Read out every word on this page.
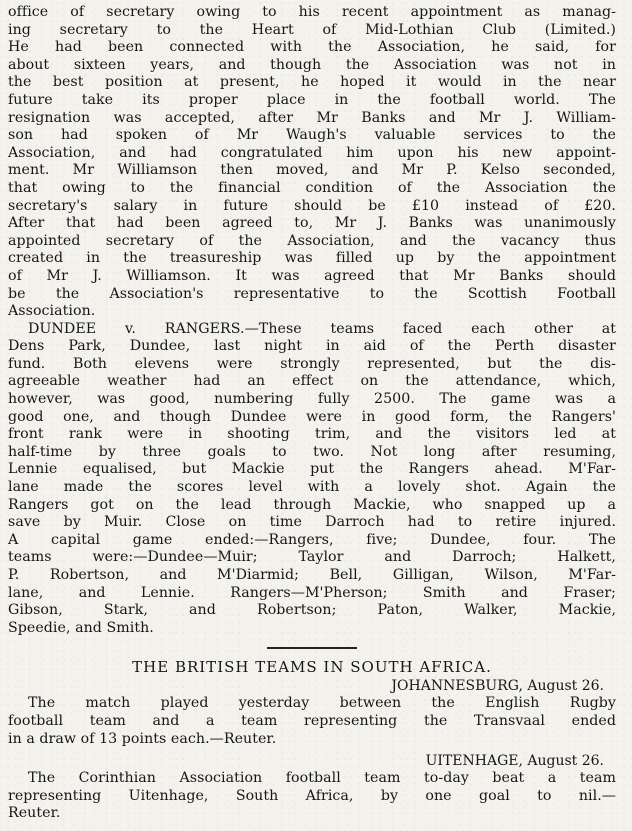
office of secretary owing to his recent appointment as manag-
ing secretary to the Heart of Mid-Lothian Club (Limited.)
He had been connected with the Association, he said, for
about sixteen years, and though the Association was not in
the best position at present, he hoped it would in the near
future take its proper place in the football world. The
resignation was accepted, after Mr Banks and Mr J. William-
son had spoken of Mr Waugh's valuable services to the
Association, and had congratulated him upon his new appoint-
ment. Mr Williamson then moved, and Mr P. Kelso seconded,
that owing to the financial condition of the Association the
secretary's salary in future should be £10 instead of £20.
After that had been agreed to, Mr J. Banks was unanimously
appointed secretary of the Association, and the vacancy thus
created in the treasureship was filled up by the appointment
of Mr J. Williamson. It was agreed that Mr Banks should
be the Association's representative to the Scottish Football
Association.
DUNDEE v. RANGERS.—These teams faced each other at
Dens Park, Dundee, last night in aid of the Perth disaster
fund. Both elevens were strongly represented, but the dis-
agreeable weather had an effect on the attendance, which,
however, was good, numbering fully 2500. The game was a
good one, and though Dundee were in good form, the Rangers'
front rank were in shooting trim, and the visitors led at
half-time by three goals to two. Not long after resuming,
Lennie equalised, but Mackie put the Rangers ahead. M'Far-
lane made the scores level with a lovely shot. Again the
Rangers got on the lead through Mackie, who snapped up a
save by Muir. Close on time Darroch had to retire injured.
A capital game ended:—Rangers, five; Dundee, four. The
teams were:—Dundee—Muir; Taylor and Darroch; Halkett,
P. Robertson, and M'Diarmid; Bell, Gilligan, Wilson, M'Far-
lane, and Lennie. Rangers—M'Pherson; Smith and Fraser;
Gibson, Stark, and Robertson; Paton, Walker, Mackie,
Speedie, and Smith.
THE BRITISH TEAMS IN SOUTH AFRICA.
JOHANNESBURG, August 26.
The match played yesterday between the English Rugby
football team and a team representing the Transvaal ended
in a draw of 13 points each.—Reuter.
UITENHAGE, August 26.
The Corinthian Association football team to-day beat a team
representing Uitenhage, South Africa, by one goal to nil.—
Reuter.
